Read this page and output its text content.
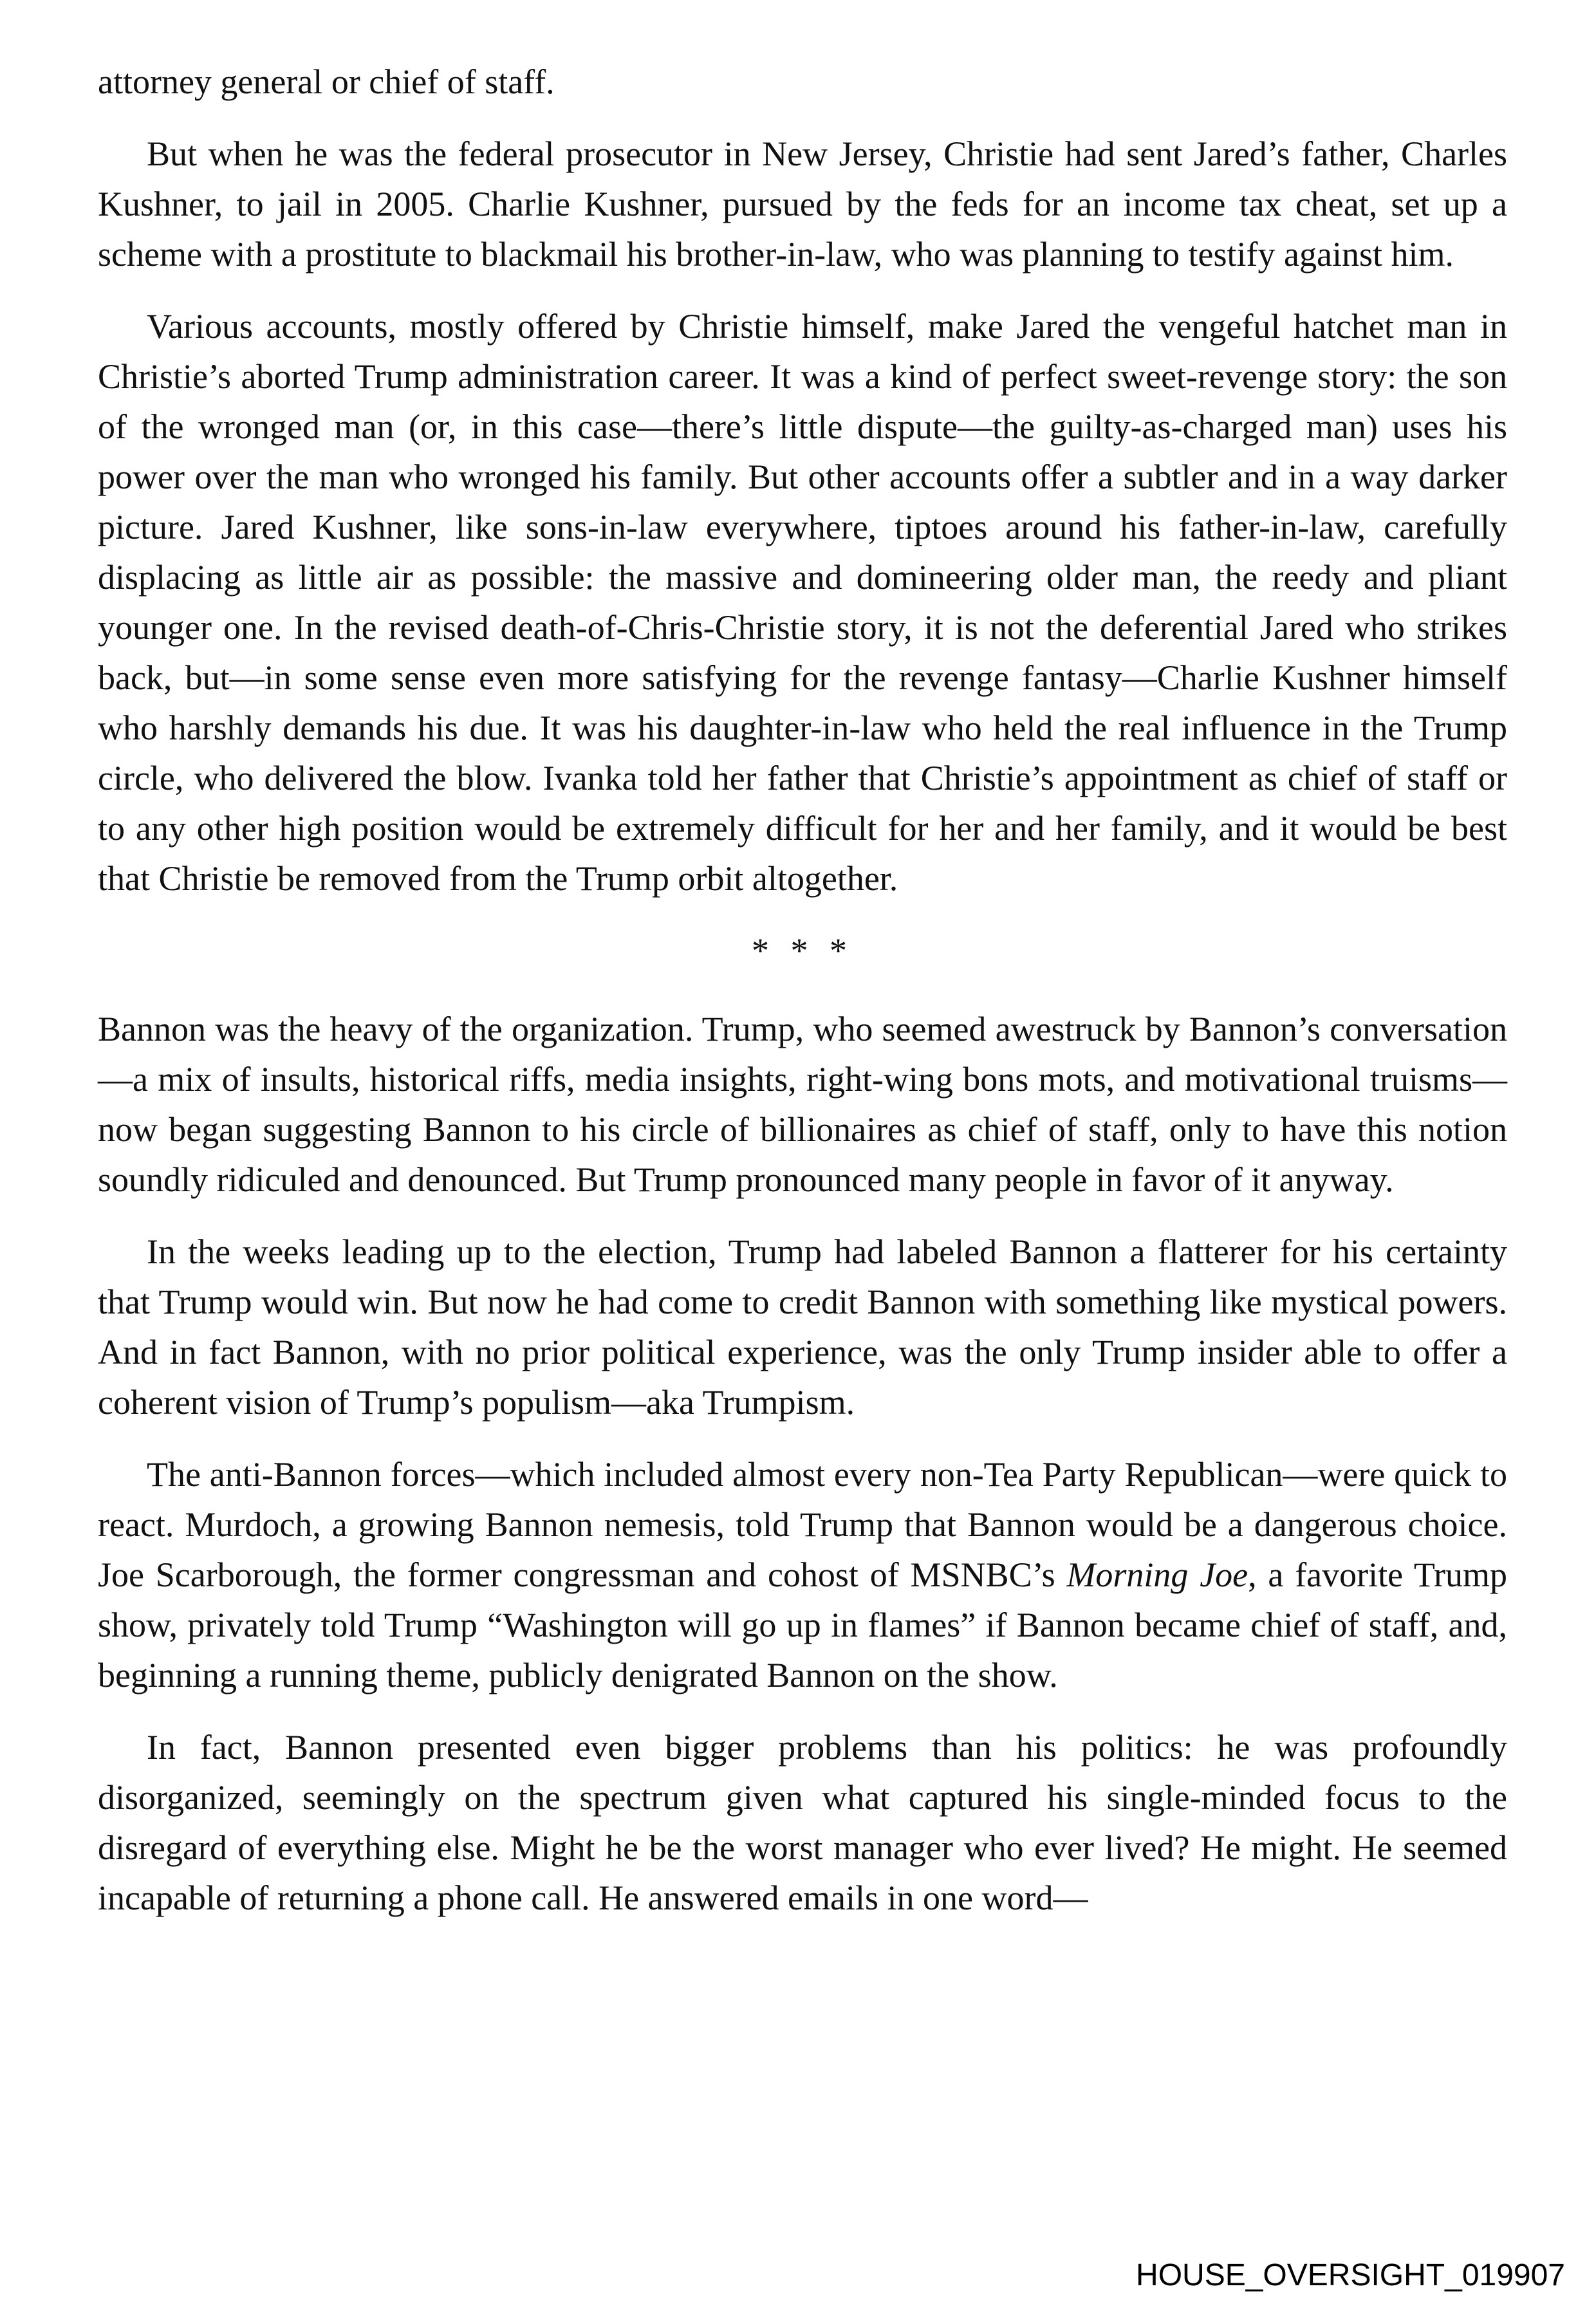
attorney general or chief of staff.

But when he was the federal prosecutor in New Jersey, Christie had sent Jared’s father, Charles Kushner, to jail in 2005. Charlie Kushner, pursued by the feds for an income tax cheat, set up a scheme with a prostitute to blackmail his brother-in-law, who was planning to testify against him.

Various accounts, mostly offered by Christie himself, make Jared the vengeful hatchet man in Christie’s aborted Trump administration career. It was a kind of perfect sweet-revenge story: the son of the wronged man (or, in this case—there’s little dispute—the guilty-as-charged man) uses his power over the man who wronged his family. But other accounts offer a subtler and in a way darker picture. Jared Kushner, like sons-in-law everywhere, tiptoes around his father-in-law, carefully displacing as little air as possible: the massive and domineering older man, the reedy and pliant younger one. In the revised death-of-Chris-Christie story, it is not the deferential Jared who strikes back, but—in some sense even more satisfying for the revenge fantasy—Charlie Kushner himself who harshly demands his due. It was his daughter-in-law who held the real influence in the Trump circle, who delivered the blow. Ivanka told her father that Christie’s appointment as chief of staff or to any other high position would be extremely difficult for her and her family, and it would be best that Christie be removed from the Trump orbit altogether.

* * *

Bannon was the heavy of the organization. Trump, who seemed awestruck by Bannon’s conversation—a mix of insults, historical riffs, media insights, right-wing bons mots, and motivational truisms—now began suggesting Bannon to his circle of billionaires as chief of staff, only to have this notion soundly ridiculed and denounced. But Trump pronounced many people in favor of it anyway.

In the weeks leading up to the election, Trump had labeled Bannon a flatterer for his certainty that Trump would win. But now he had come to credit Bannon with something like mystical powers. And in fact Bannon, with no prior political experience, was the only Trump insider able to offer a coherent vision of Trump’s populism—aka Trumpism.

The anti-Bannon forces—which included almost every non-Tea Party Republican—were quick to react. Murdoch, a growing Bannon nemesis, told Trump that Bannon would be a dangerous choice. Joe Scarborough, the former congressman and cohost of MSNBC’s Morning Joe, a favorite Trump show, privately told Trump “Washington will go up in flames” if Bannon became chief of staff, and, beginning a running theme, publicly denigrated Bannon on the show.

In fact, Bannon presented even bigger problems than his politics: he was profoundly disorganized, seemingly on the spectrum given what captured his single-minded focus to the disregard of everything else. Might he be the worst manager who ever lived? He might. He seemed incapable of returning a phone call. He answered emails in one word—

HOUSE_OVERSIGHT_019907
